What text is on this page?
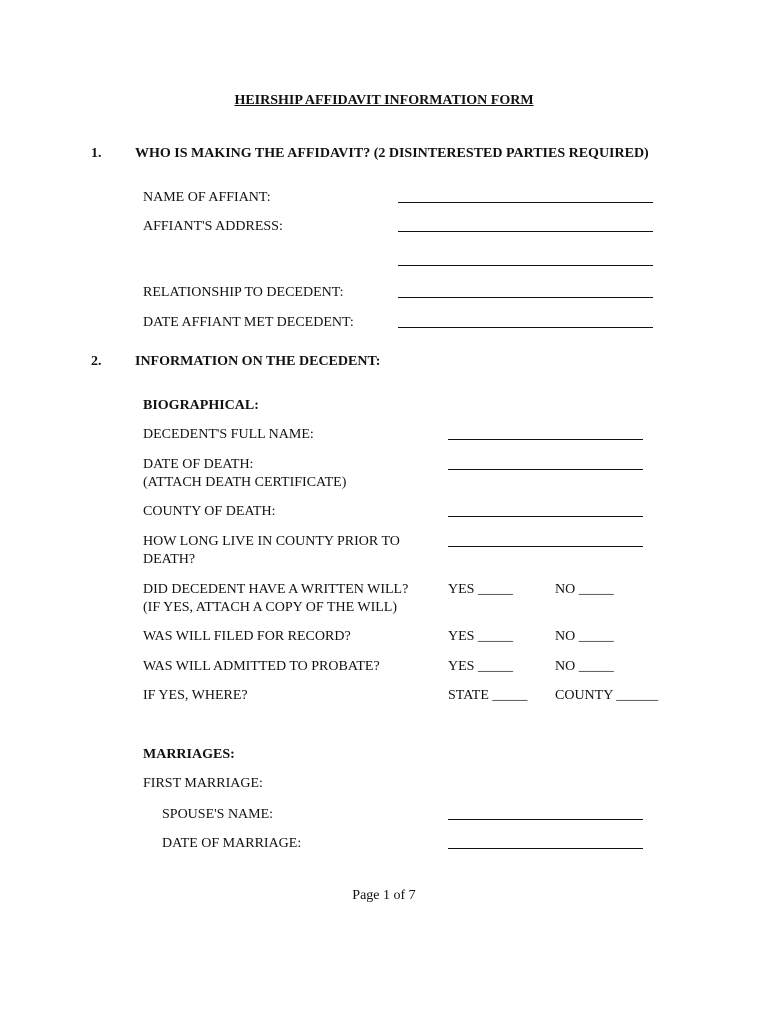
HEIRSHIP AFFIDAVIT INFORMATION FORM
1. WHO IS MAKING THE AFFIDAVIT? (2 DISINTERESTED PARTIES REQUIRED)
NAME OF AFFIANT:
AFFIANT'S ADDRESS:
RELATIONSHIP TO DECEDENT:
DATE AFFIANT MET DECEDENT:
2. INFORMATION ON THE DECEDENT:
BIOGRAPHICAL:
DECEDENT'S FULL NAME:
DATE OF DEATH:
(ATTACH DEATH CERTIFICATE)
COUNTY OF DEATH:
HOW LONG LIVE IN COUNTY PRIOR TO
DEATH?
DID DECEDENT HAVE A WRITTEN WILL?
(IF YES, ATTACH A COPY OF THE WILL)
YES _____	NO _____
WAS WILL FILED FOR RECORD?	YES _____	NO _____
WAS WILL ADMITTED TO PROBATE?	YES _____	NO _____
IF YES, WHERE?	STATE _____ COUNTY ______
MARRIAGES:
FIRST MARRIAGE:
SPOUSE'S NAME:
DATE OF MARRIAGE:
Page 1 of 7
